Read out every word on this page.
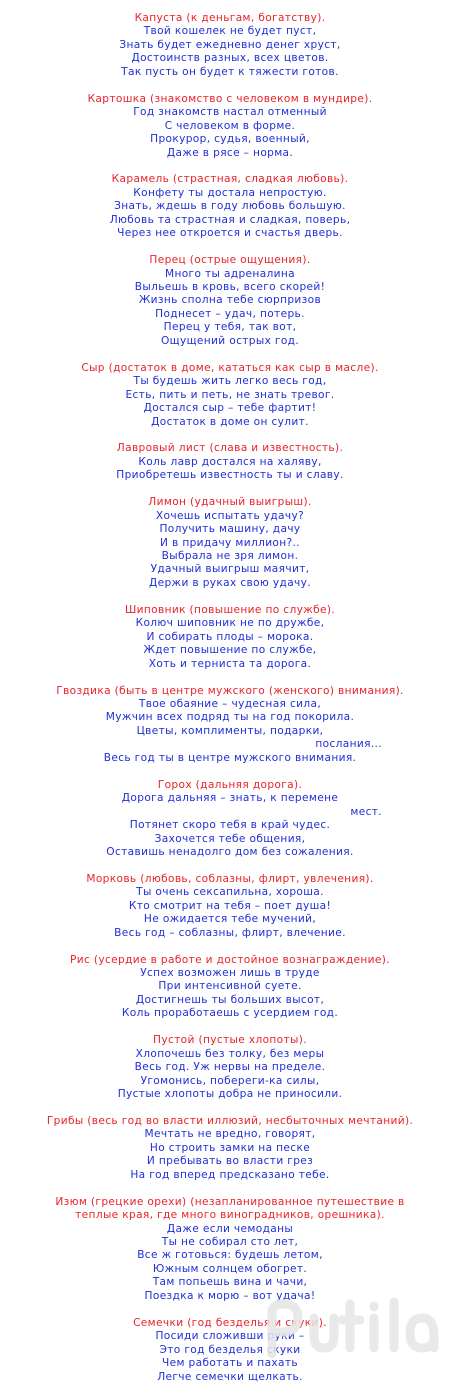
Капуста (к деньгам, богатству).
Твой кошелек не будет пуст,
Знать будет ежедневно денег хруст,
Достоинств разных, всех цветов.
Так пусть он будет к тяжести готов.
Картошка (знакомство с человеком в мундире).
Год знакомств настал отменный
С человеком в форме.
Прокурор, судья, военный,
Даже в рясе – норма.
Карамель (страстная, сладкая любовь).
Конфету ты достала непростую.
Знать, ждешь в году любовь большую.
Любовь та страстная и сладкая, поверь,
Через нее откроется и счастья дверь.
Перец (острые ощущения).
Много ты адреналина
Выльешь в кровь, всего скорей!
Жизнь сполна тебе сюрпризов
Поднесет – удач, потерь.
Перец у тебя, так вот,
Ощущений острых год.
Сыр (достаток в доме, кататься как сыр в масле).
Ты будешь жить легко весь год,
Есть, пить и петь, не знать тревог.
Достался сыр – тебе фартит!
Достаток в доме он сулит.
Лавровый лист (слава и известность).
Коль лавр достался на халяву,
Приобретешь известность ты и славу.
Лимон (удачный выигрыш).
Хочешь испытать удачу?
Получить машину, дачу
И в придачу миллион?..
Выбрала не зря лимон.
Удачный выигрыш маячит,
Держи в руках свою удачу.
Шиповник (повышение по службе).
Колюч шиповник не по дружбе,
И собирать плоды – морока.
Ждет повышение по службе,
Хоть и терниста та дорога.
Гвоздика (быть в центре мужского (женского) внимания).
Твое обаяние – чудесная сила,
Мужчин всех подряд ты на год покорила.
Цветы, комплименты, подарки,
послания...
Весь год ты в центре мужского внимания.
Горох (дальняя дорога).
Дорога дальняя – знать, к перемене
мест.
Потянет скоро тебя в край чудес.
Захочется тебе общения,
Оставишь ненадолго дом без сожаления.
Морковь (любовь, соблазны, флирт, увлечения).
Ты очень сексапильна, хороша.
Кто смотрит на тебя – поет душа!
Не ожидается тебе мучений,
Весь год – соблазны, флирт, влечение.
Рис (усердие в работе и достойное вознаграждение).
Успех возможен лишь в труде
При интенсивной суете.
Достигнешь ты больших высот,
Коль проработаешь с усердием год.
Пустой (пустые хлопоты).
Хлопочешь без толку, без меры
Весь год. Уж нервы на пределе.
Угомонись, побереги-ка силы,
Пустые хлопоты добра не приносили.
Грибы (весь год во власти иллюзий, несбыточных мечтаний).
Мечтать не вредно, говорят,
Но строить замки на песке
И пребывать во власти грез
На год вперед предсказано тебе.
Изюм (грецкие орехи) (незапланированное путешествие в
теплые края, где много виноградников, орешника).
Даже если чемоданы
Ты не собирал сто лет,
Все ж готовься: будешь летом,
Южным солнцем обогрет.
Там попьешь вина и чачи,
Поездка к морю – вот удача!
Семечки (год безделья и скуки).
Посиди сложивши руки –
Это год безделья скуки
Чем работать и пахать
Легче семечки щелкать.
